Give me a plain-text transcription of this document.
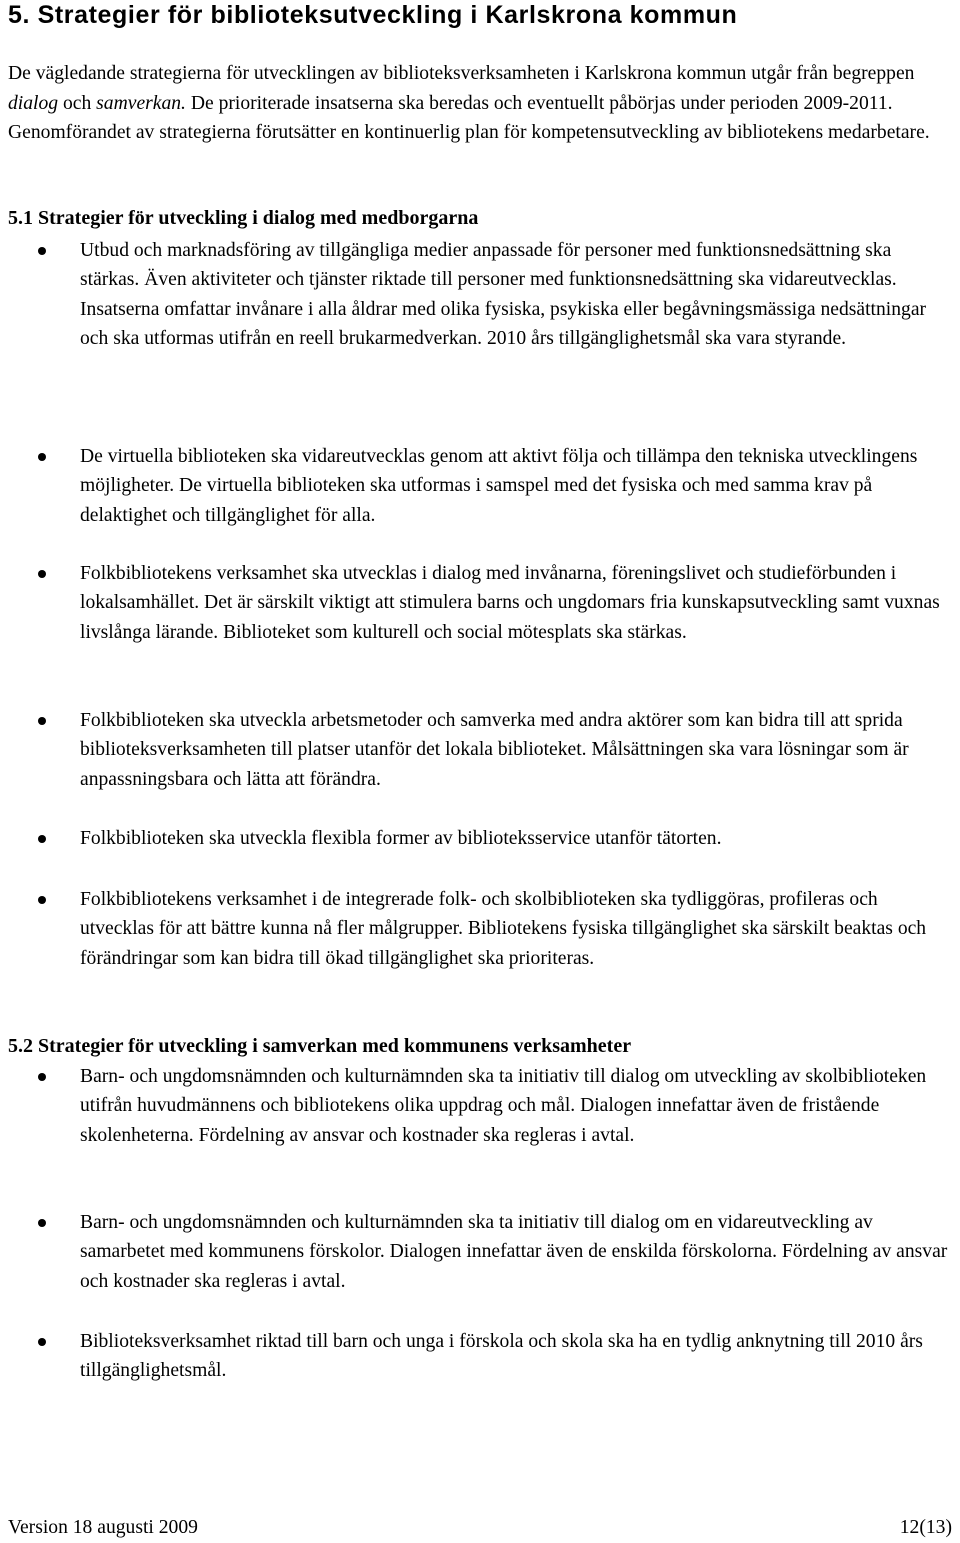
5. Strategier för biblioteksutveckling i Karlskrona kommun

De vägledande strategierna för utvecklingen av biblioteksverksamheten i Karlskrona kommun utgår från begreppen dialog och samverkan. De prioriterade insatserna ska beredas och eventuellt påbörjas under perioden 2009-2011. Genomförandet av strategierna förutsätter en kontinuerlig plan för kompetensutveckling av bibliotekens medarbetare.

5.1 Strategier för utveckling i dialog med medborgarna

Utbud och marknadsföring av tillgängliga medier anpassade för personer med funktionsnedsättning ska stärkas. Även aktiviteter och tjänster riktade till personer med funktionsnedsättning ska vidareutvecklas. Insatserna omfattar invånare i alla åldrar med olika fysiska, psykiska eller begåvningsmässiga nedsättningar och ska utformas utifrån en reell brukarmedverkan. 2010 års tillgänglighetsmål ska vara styrande.

De virtuella biblioteken ska vidareutvecklas genom att aktivt följa och tillämpa den tekniska utvecklingens möjligheter. De virtuella biblioteken ska utformas i samspel med det fysiska och med samma krav på delaktighet och tillgänglighet för alla.

Folkbibliotekens verksamhet ska utvecklas i dialog med invånarna, föreningslivet och studieförbunden i lokalsamhället. Det är särskilt viktigt att stimulera barns och ungdomars fria kunskapsutveckling samt vuxnas livslånga lärande. Biblioteket som kulturell och social mötesplats ska stärkas.

Folkbiblioteken ska utveckla arbetsmetoder och samverka med andra aktörer som kan bidra till att sprida biblioteksverksamheten till platser utanför det lokala biblioteket. Målsättningen ska vara lösningar som är anpassningsbara och lätta att förändra.

Folkbiblioteken ska utveckla flexibla former av biblioteksservice utanför tätorten.

Folkbibliotekens verksamhet i de integrerade folk- och skolbiblioteken ska tydliggöras, profileras och utvecklas för att bättre kunna nå fler målgrupper. Bibliotekens fysiska tillgänglighet ska särskilt beaktas och förändringar som kan bidra till ökad tillgänglighet ska prioriteras.

5.2 Strategier för utveckling i samverkan med kommunens verksamheter

Barn- och ungdomsnämnden och kulturnämnden ska ta initiativ till dialog om utveckling av skolbiblioteken utifrån huvudmännens och bibliotekens olika uppdrag och mål. Dialogen innefattar även de fristående skolenheterna. Fördelning av ansvar och kostnader ska regleras i avtal.

Barn- och ungdomsnämnden och kulturnämnden ska ta initiativ till dialog om en vidareutveckling av samarbetet med kommunens förskolor. Dialogen innefattar även de enskilda förskolorna. Fördelning av ansvar och kostnader ska regleras i avtal.

Biblioteksverksamhet riktad till barn och unga i förskola och skola ska ha en tydlig anknytning till 2010 års tillgänglighetsmål.

Version 18 augusti 2009	12(13)
